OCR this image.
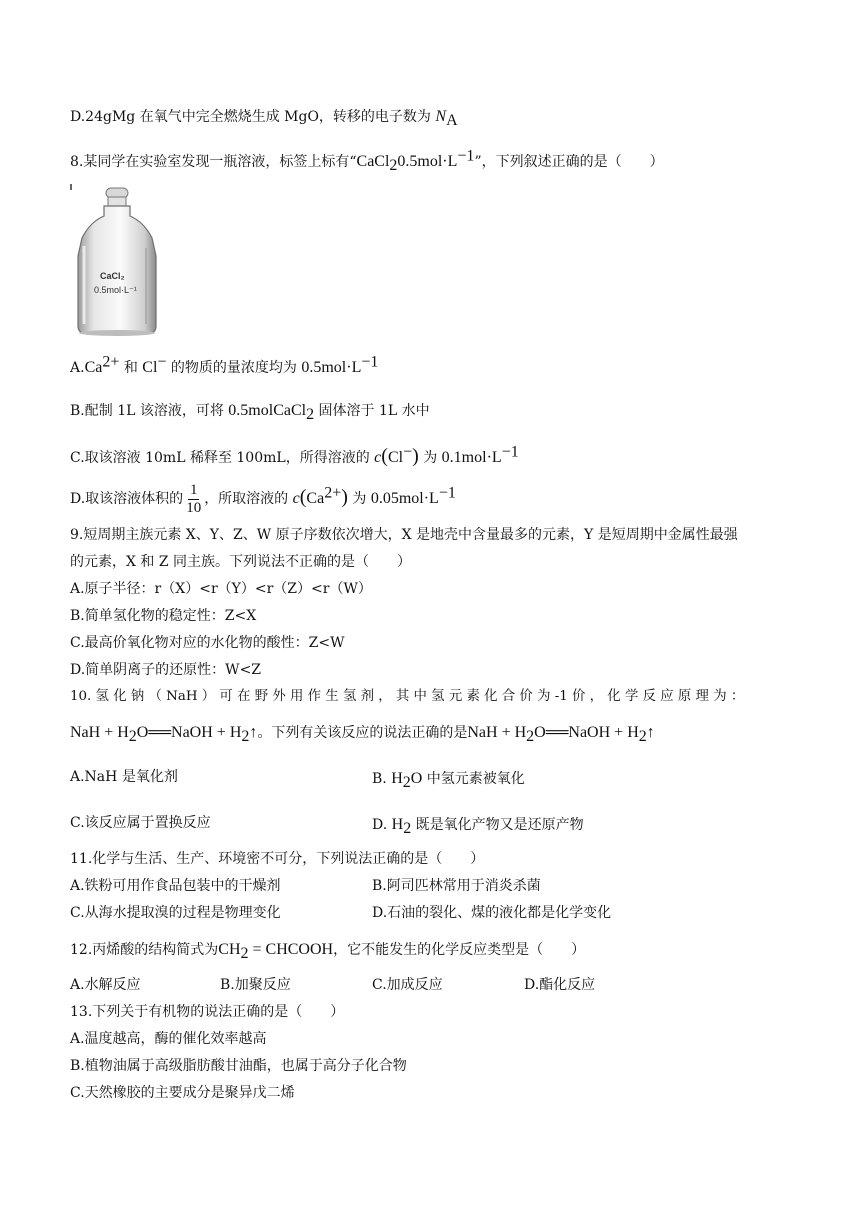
D.24gMg 在氧气中完全燃烧生成 MgO，转移的电子数为 $N_A$
8.某同学在实验室发现一瓶溶液，标签上标有“$CaCl_20.5mol\cdot L^{-1}$”，下列叙述正确的是（　　）
CaCl₂
0.5mol·L⁻¹
$A.Ca^{2+}$ 和 Cl− 的物质的量浓度均为 $0.5mol\cdot L^{-1}$
B.配制 1L 该溶液，可将 0.5molCaCl$_2$ 固体溶于 1L 水中
C.取该溶液 10mL 稀释至 100mL，所得溶液的 c(Cl−) 为 $0.1mol\cdot L^{-1}$
D.取该溶液体积的 $\frac{1}{10}$ ，所取溶液的 $c(Ca^{2+})$ 为 $0.05mol\cdot L^{-1}$
9.短周期主族元素 X、Y、Z、W 原子序数依次增大，X 是地壳中含量最多的元素，Y 是短周期中金属性最强
的元素，X 和 Z 同主族。下列说法不正确的是（　　）
A.原子半径：r（X）<r（Y）<r（Z）<r（W）
B.简单氢化物的稳定性：Z<X
C.最高价氧化物对应的水化物的酸性：Z<W
D.简单阴离子的还原性：W<Z
10. 氢 化 钠 （ NaH ） 可 在 野 外 用 作 生 氢 剂 ， 其 中 氢 元 素 化 合 价 为 -1 价 ， 化 学 反 应 原 理 为 ：
NaH + $H_2O══NaOH$ + $H_2↑$。下列有关该反应的说法正确的是NaH + $H_2O══NaOH$ + $H_2↑$
A.NaH 是氧化剂	B. $H_2O$ 中氢元素被氧化
C.该反应属于置换反应	D. $H_2$ 既是氧化产物又是还原产物
11.化学与生活、生产、环境密不可分，下列说法正确的是（　　）
A.铁粉可用作食品包装中的干燥剂	B.阿司匹林常用于消炎杀菌
C.从海水提取溴的过程是物理变化	D.石油的裂化、煤的液化都是化学变化
12.丙烯酸的结构简式为$CH_2$ = CHCOOH，它不能发生的化学反应类型是（　　）
A.水解反应	B.加聚反应	C.加成反应	D.酯化反应
13.下列关于有机物的说法正确的是（　　）
A.温度越高，酶的催化效率越高
B.植物油属于高级脂肪酸甘油酯，也属于高分子化合物
C.天然橡胶的主要成分是聚异戊二烯
